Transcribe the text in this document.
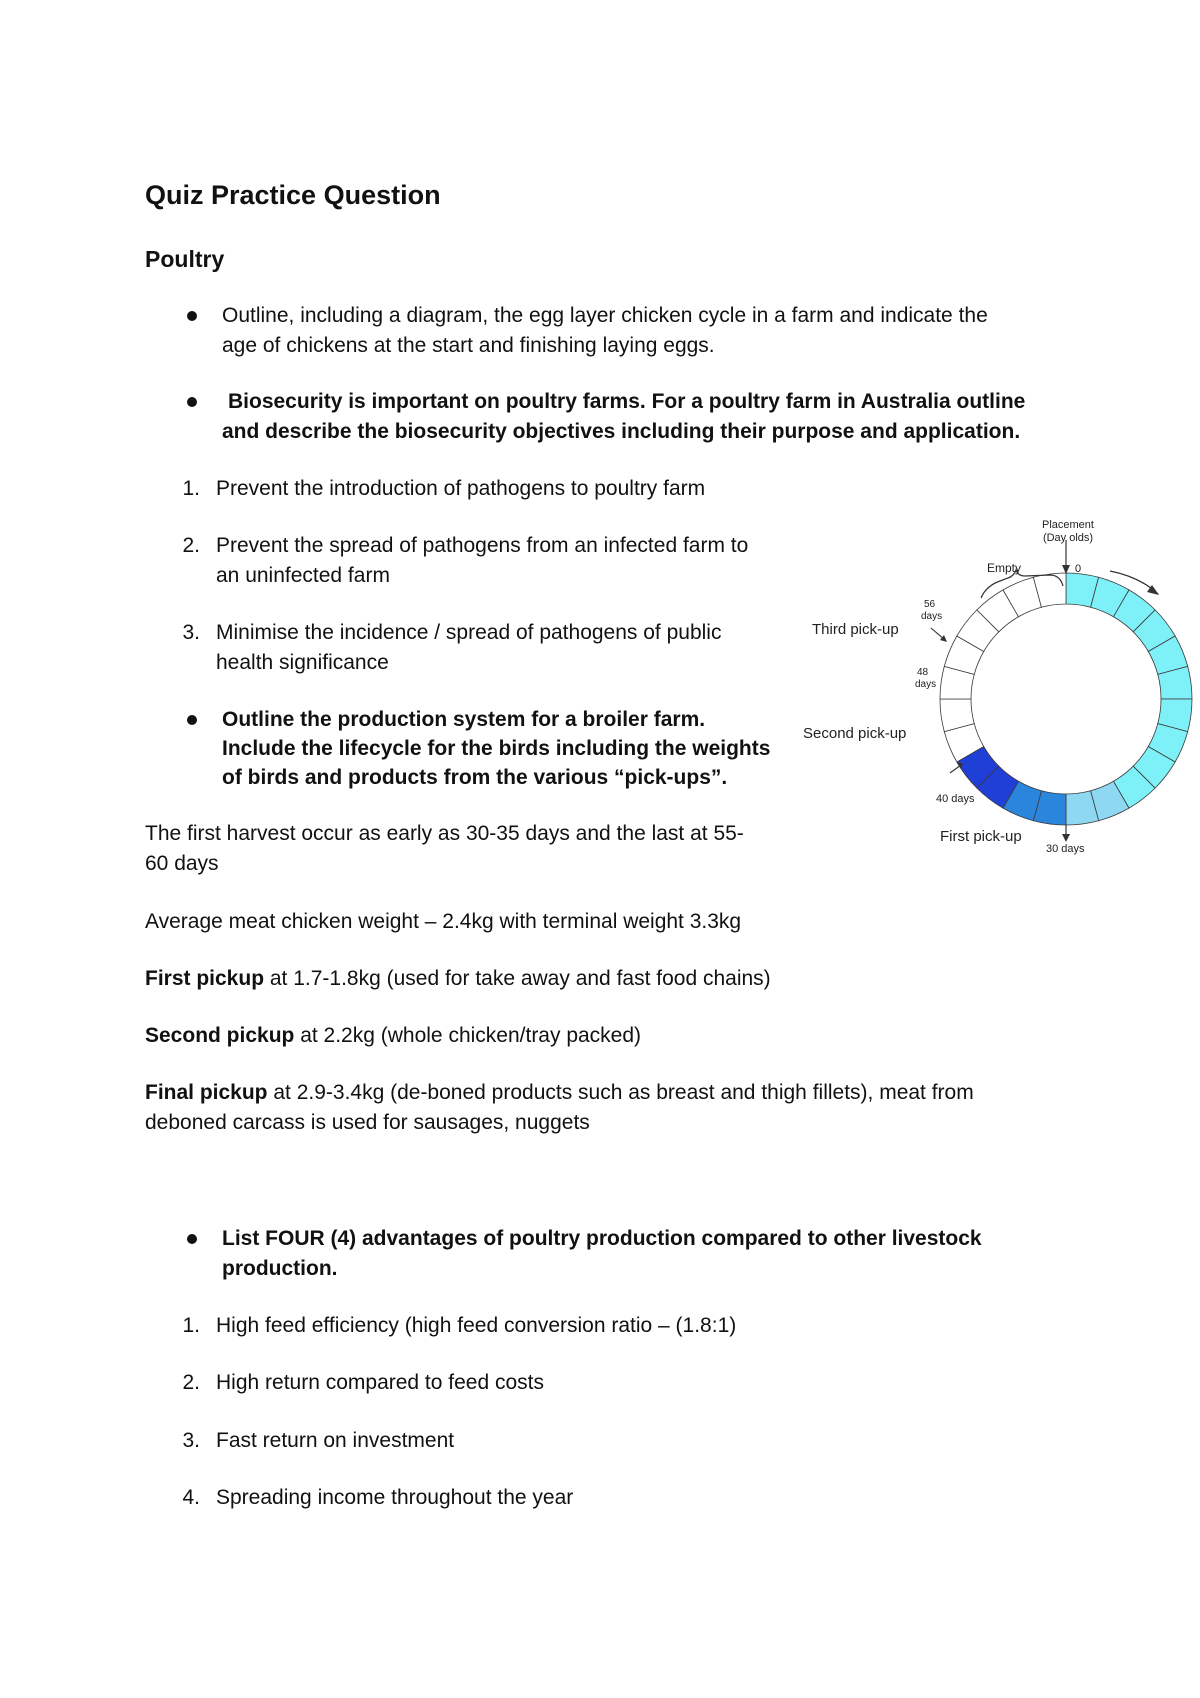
Quiz Practice Question
Poultry
Outline, including a diagram, the egg layer chicken cycle in a farm and indicate the
age of chickens at the start and finishing laying eggs.
Biosecurity is important on poultry farms. For a poultry farm in Australia outline
and describe the biosecurity objectives including their purpose and application.
1. Prevent the introduction of pathogens to poultry farm
2. Prevent the spread of pathogens from an infected farm to
an uninfected farm
3. Minimise the incidence / spread of pathogens of public
health significance
Outline the production system for a broiler farm.
Include the lifecycle for the birds including the weights
of birds and products from the various “pick-ups”.
The first harvest occur as early as 30-35 days and the last at 55-
60 days
Average meat chicken weight – 2.4kg with terminal weight 3.3kg
First pickup at 1.7-1.8kg (used for take away and fast food chains)
Second pickup at 2.2kg (whole chicken/tray packed)
Final pickup at 2.9-3.4kg (de-boned products such as breast and thigh fillets), meat from
deboned carcass is used for sausages, nuggets
List FOUR (4) advantages of poultry production compared to other livestock
production.
1. High feed efficiency (high feed conversion ratio – (1.8:1)
2. High return compared to feed costs
3. Fast return on investment
4. Spreading income throughout the year
Placement
(Day olds)
Empty	0
56
days
48
days
40 days
30 days
Third pick-up
Second pick-up
First pick-up
